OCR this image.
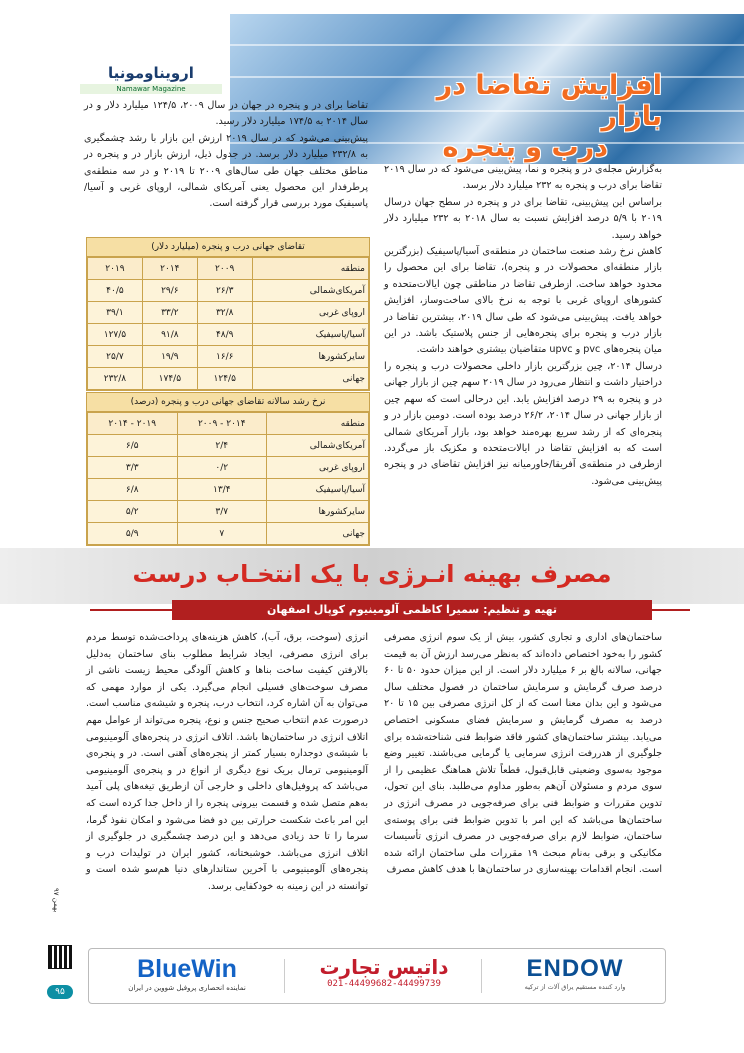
ارویناومونیا
Namawar Magazine	افزایش تقاضا در بازار
درب و پنجره

تقاضا برای در و پنجره در جهان در سال ۲۰۰۹، ۱۲۴/۵ میلیارد دلار و در سال ۲۰۱۴ به ۱۷۴/۵ میلیارد دلار رسید.

پیش‌بینی می‌شود که در سال ۲۰۱۹ ارزش این بازار با رشد چشمگیری به ۲۳۲/۸ میلیارد دلار برسد. در جدول ذیل، ارزش بازار در و پنجره در مناطق مختلف جهان طی سال‌های ۲۰۰۹ تا ۲۰۱۹ و در سه منطقه‌ی پرطرفدار این محصول یعنی آمریکای شمالی، اروپای غربی و آسیا/پاسیفیک مورد بررسی قرار گرفته است.

تقاضای جهانی درب و پنجره (میلیارد دلار)
منطقه	۲۰۰۹	۲۰۱۴	۲۰۱۹
آمریکای‌شمالی	۲۶/۳	۲۹/۶	۴۰/۵
اروپای غربی	۳۲/۸	۳۳/۲	۳۹/۱
آسیا/پاسیفیک	۴۸/۹	۹۱/۸	۱۲۷/۵
سایرکشورها	۱۶/۶	۱۹/۹	۲۵/۷
جهانی	۱۲۴/۵	۱۷۴/۵	۲۳۲/۸
نرخ رشد سالانه تقاضای جهانی درب و پنجره (درصد)
منطقه	۲۰۱۴ - ۲۰۰۹	۲۰۱۹ - ۲۰۱۴
آمریکای‌شمالی	۲/۴	۶/۵
اروپای غربی	۰/۲	۳/۳
آسیا/پاسیفیک	۱۳/۴	۶/۸
سایرکشورها	۳/۷	۵/۲
جهانی	۷	۵/۹

به‌گزارش مجله‌ی در و پنجره و نما، پیش‌بینی می‌شود که در سال ۲۰۱۹ تقاضا برای درب و پنجره به ۲۳۲ میلیارد دلار برسد.

براساس این پیش‌بینی، تقاضا برای در و پنجره در سطح جهان درسال ۲۰۱۹ با ۵/۹ درصد افزایش نسبت به سال ۲۰۱۸ به ۲۳۲ میلیارد دلار خواهد رسید.

کاهش نرخ رشد صنعت ساختمان در منطقه‌ی آسیا/پاسیفیک (بزرگترین بازار منطقه‌ای محصولات در و پنجره)، تقاضا برای این محصول را محدود خواهد ساخت. ازطرفی تقاضا در مناطقی چون ایالات‌متحده و کشورهای اروپای غربی با توجه به نرخ بالای ساخت‌وساز، افزایش خواهد یافت. پیش‌بینی می‌شود که طی سال ۲۰۱۹، بیشترین تقاضا در بازار درب و پنجره برای پنجره‌هایی از جنس پلاستیک باشد. در این میان پنجره‌های pvc و upvc متقاضیان بیشتری خواهند داشت.

درسال ۲۰۱۴، چین بزرگترین بازار داخلی محصولات درب و پنجره را دراختیار داشت و انتظار می‌رود در سال ۲۰۱۹ سهم چین از بازار جهانی در و پنجره به ۲۹ درصد افزایش یابد. این درحالی است که سهم چین از بازار جهانی در سال ۲۰۱۴، ۲۶/۲ درصد بوده است. دومین بازار در و پنجره‌ای که از رشد سریع بهره‌مند خواهد بود، بازار آمریکای شمالی است که به افزایش تقاضا در ایالات‌متحده و مکزیک باز می‌گردد. ازطرفی در منطقه‌ی آفریقا/خاورمیانه نیز افزایش تقاضای در و پنجره پیش‌بینی می‌شود.

مصرف بهینه انـرژی با یک انتخـاب درست
تهیه و تنظیم: سمیرا کاظمی آلومینیوم کوپال اصفهان

ساختمان‌های اداری و تجاری کشور، بیش از یک سوم انرژی مصرفی کشور را به‌خود اختصاص داده‌اند که به‌نظر می‌رسد ارزش آن به قیمت جهانی، سالانه بالغ بر ۶ میلیارد دلار است. از این میزان حدود ۵۰ تا ۶۰ درصد صرف گرمایش و سرمایش ساختمان در فصول مختلف سال می‌شود و این بدان معنا است که از کل انرژی مصرفی بین ۱۵ تا ۲۰ درصد به مصرف گرمایش و سرمایش فضای مسکونی اختصاص می‌یابد. بیشتر ساختمان‌های کشور فاقد ضوابط فنی شناخته‌شده برای جلوگیری از هدررفت انرژی سرمایی یا گرمایی می‌باشند. تغییر وضع موجود به‌سوی وضعیتی قابل‌قبول، قطعاً تلاش هماهنگ عظیمی را از سوی مردم و مسئولان آن‌هم به‌طور مداوم می‌طلبد. بنای این تحول، تدوین مقررات و ضوابط فنی برای صرفه‌جویی در مصرف انرژی در ساختمان‌ها می‌باشد که این امر با تدوین ضوابط فنی برای پوسته‌ی ساختمان، ضوابط لازم برای صرفه‌جویی در مصرف انرژی تأسیسات مکانیکی و برقی به‌نام مبحث ۱۹ مقررات ملی ساختمان ارائه شده است. انجام اقدامات بهینه‌سازی در ساختمان‌ها با هدف کاهش مصرف

انرژی (سوخت، برق، آب)، کاهش هزینه‌های پرداخت‌شده توسط مردم برای انرژی مصرفی، ایجاد شرایط مطلوب بنای ساختمان به‌دلیل بالارفتن کیفیت ساخت بنا‌ها و کاهش آلودگی محیط زیست ناشی از مصرف سوخت‌های فسیلی انجام می‌گیرد. یکی از موارد مهمی که می‌توان به آن اشاره کرد، انتخاب درب، پنجره و شیشه‌ی مناسب است. درصورت عدم انتخاب صحیح جنس و نوع، پنجره می‌تواند از عوامل مهم اتلاف انرژی در ساختمان‌ها باشد. اتلاف انرژی در پنجره‌های آلومینیومی با شیشه‌ی دوجداره بسیار کمتر از پنجره‌های آهنی است. در و پنجره‌ی آلومینیومی ترمال بریک نوع دیگری از انواع در و پنجره‌ی آلومینیومی می‌باشد که پروفیل‌های داخلی و خارجی آن ازطریق تیغه‌های پلی آمید به‌هم متصل شده و قسمت بیرونی پنجره را از داخل جدا کرده است که این امر باعث شکست حرارتی بین دو فضا می‌شود و امکان نفوذ گرما، سرما را تا حد زیادی می‌دهد و این درصد چشمگیری در جلوگیری از اتلاف انرژی می‌باشد. خوشبختانه، کشور ایران در تولیدات درب و پنجره‌های آلومینیومی با آخرین ستاندارهای دنیا هم‌سو شده است و توانسته در این زمینه به خودکفایی برسد.

بهمن ۹۷
۹۵
BlueWin
نماینده انحصاری پروفیل شووین در ایران
داتیس تجارت
021-44499682-44499739
ENDOW
وارد کننده مستقیم یراق آلات از ترکیه
